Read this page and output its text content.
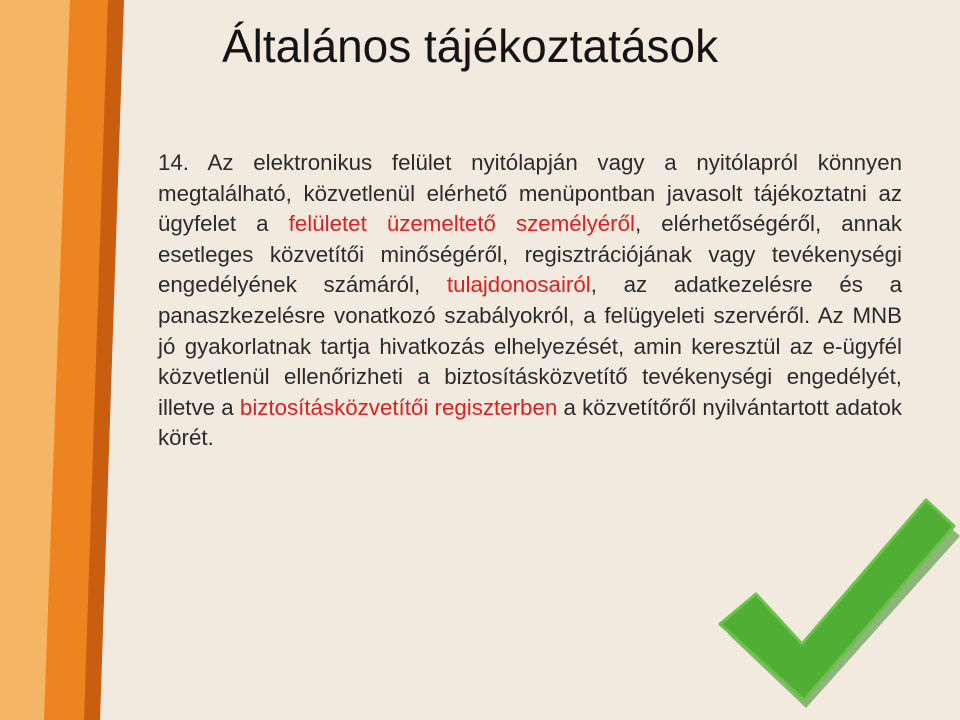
Általános tájékoztatások

14. Az elektronikus felület nyitólapján vagy a nyitólapról könnyen megtalálható, közvetlenül elérhető menüpontban javasolt tájékoztatni az ügyfelet a felületet üzemeltető személyéről, elérhetőségéről, annak esetleges közvetítői minőségéről, regisztrációjának vagy tevékenységi engedélyének számáról, tulajdonosairól, az adatkezelésre és a panaszkezelésre vonatkozó szabályokról, a felügyeleti szervéről. Az MNB jó gyakorlatnak tartja hivatkozás elhelyezését, amin keresztül az e-ügyfél közvetlenül ellenőrizheti a biztosításközvetítő tevékenységi engedélyét, illetve a biztosításközvetítői regiszterben a közvetítőről nyilvántartott adatok körét.
